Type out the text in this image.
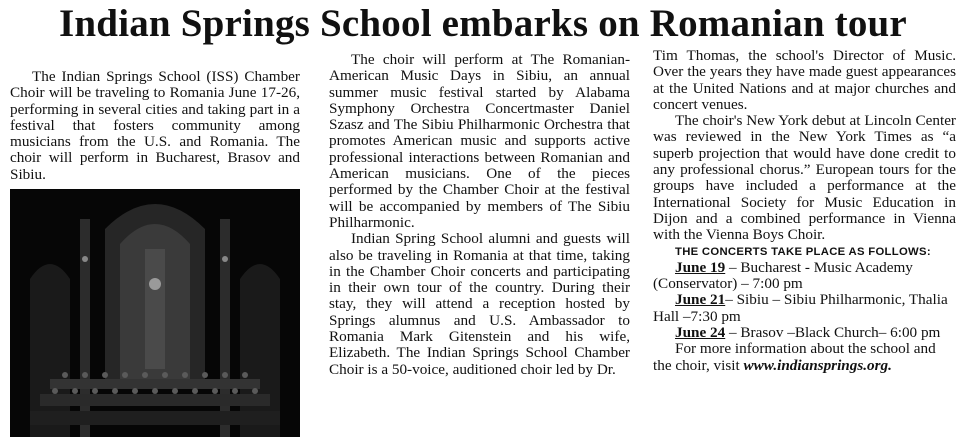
Indian Springs School embarks on Romanian tour

The Indian Springs School (ISS) Chamber Choir will be traveling to Romania June 17-26, performing in several cities and taking part in a festival that fosters community among musicians from the U.S. and Romania. The choir will perform in Bucharest, Brasov and Sibiu.

The choir will perform at The Romanian-American Music Days in Sibiu, an annual summer music festival started by Alabama Symphony Orchestra Concertmaster Daniel Szasz and The Sibiu Philharmonic Orchestra that promotes American music and supports active professional interactions between Romanian and American musicians. One of the pieces performed by the Chamber Choir at the festival will be accompanied by members of The Sibiu Philharmonic.

Indian Spring School alumni and guests will also be traveling in Romania at that time, taking in the Chamber Choir concerts and participating in their own tour of the country. During their stay, they will attend a reception hosted by Springs alumnus and U.S. Ambassador to Romania Mark Gitenstein and his wife, Elizabeth. The Indian Springs School Chamber Choir is a 50-voice, auditioned choir led by Dr.

Tim Thomas, the school's Director of Music. Over the years they have made guest appearances at the United Nations and at major churches and concert venues.

The choir's New York debut at Lincoln Center was reviewed in the New York Times as “a superb projection that would have done credit to any professional chorus.” European tours for the groups have included a performance at the International Society for Music Education in Dijon and a combined performance in Vienna with the Vienna Boys Choir.

THE CONCERTS TAKE PLACE AS FOLLOWS:

June 19 – Bucharest - Music Academy (Conservator) – 7:00 pm

June 21– Sibiu – Sibiu Philharmonic, Thalia Hall –7:30 pm

June 24 – Brasov –Black Church– 6:00 pm

For more information about the school and the choir, visit www.indiansprings.org.
